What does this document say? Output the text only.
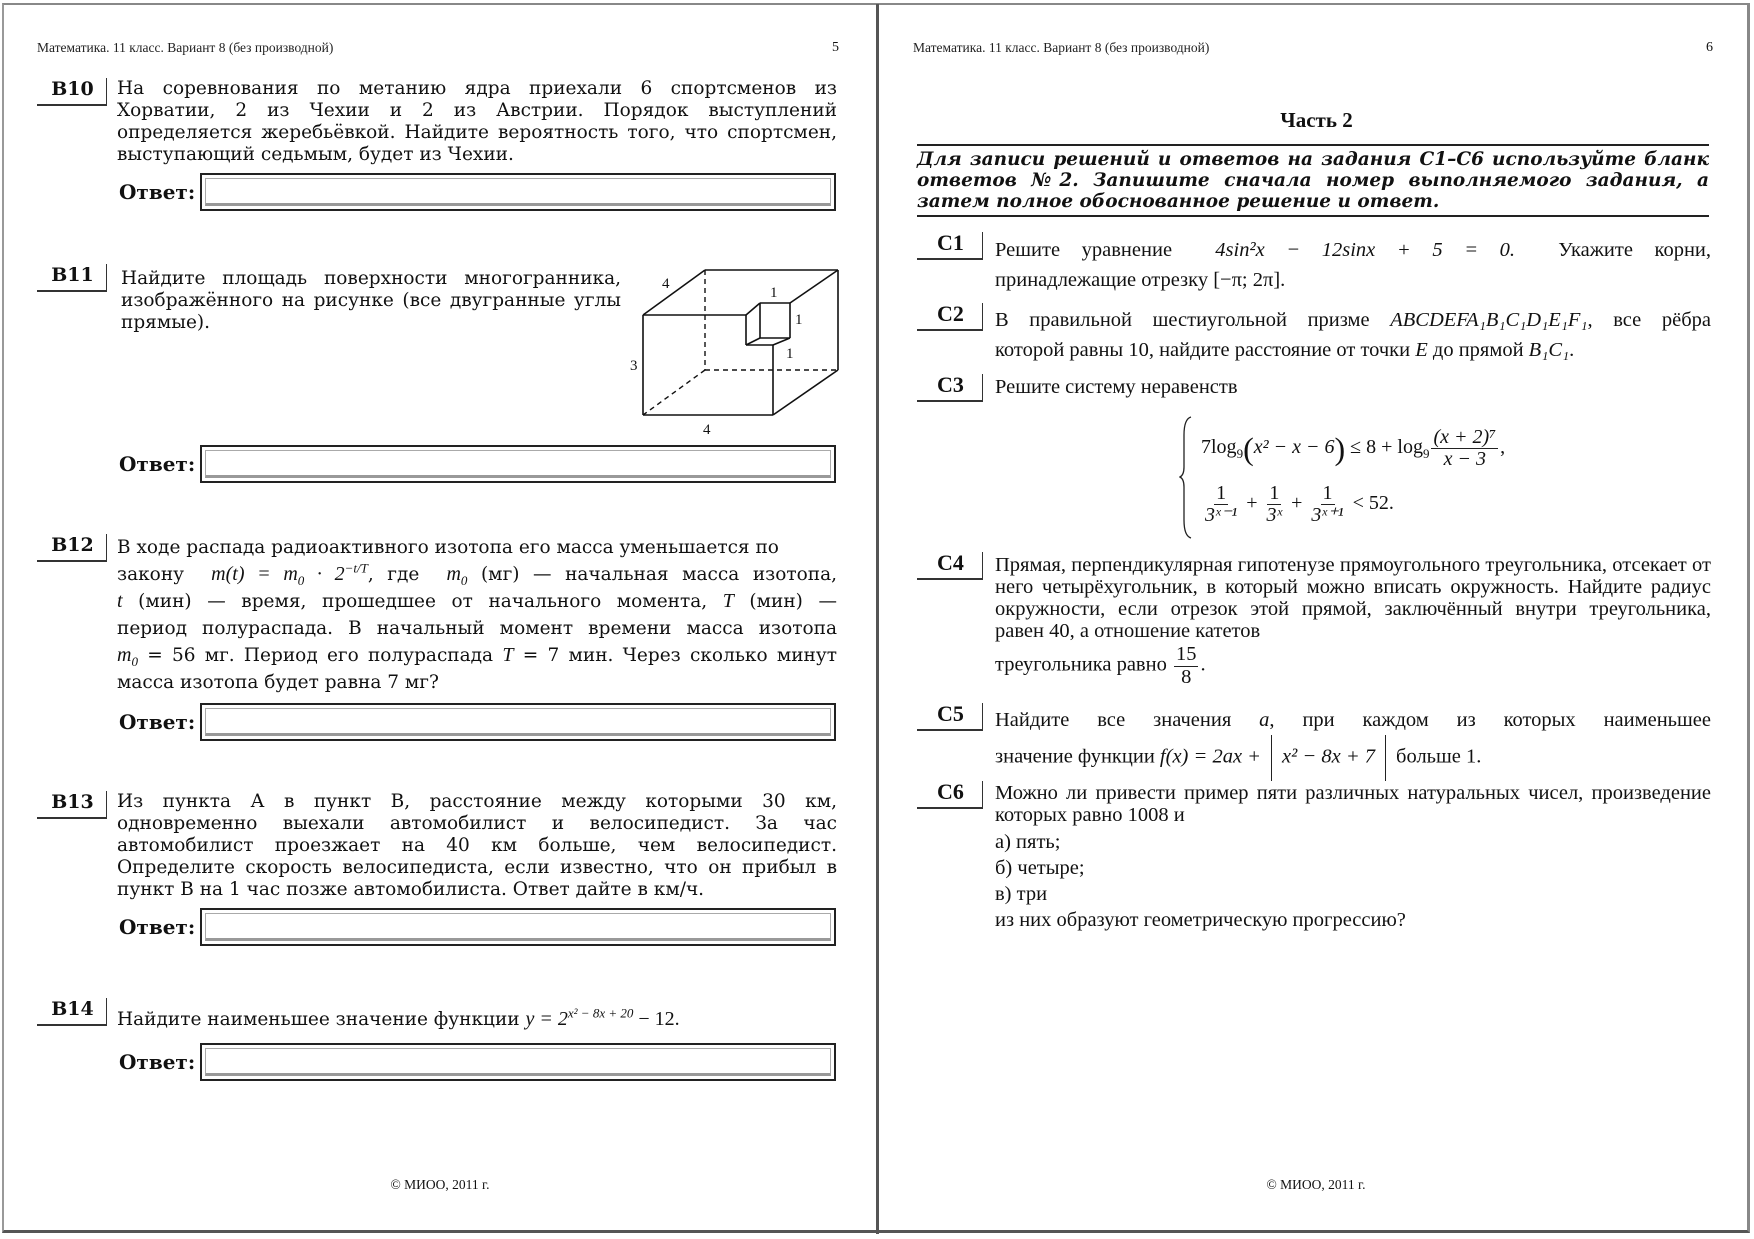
Математика. 11 класс. Вариант 8 (без производной)	5
B10	На соревнования по метанию ядра приехали 6 спортсменов из Хорватии, 2 из Чехии и 2 из Австрии. Порядок выступлений определяется жеребьёвкой. Найдите вероятность того, что спортсмен, выступающий седьмым, будет из Чехии.

Ответ:
B11	Найдите площадь поверхности многогранника, изображённого на рисунке (все двугранные углы прямые).

4
3
4
1
1
1
Ответ:
B12	В ходе распада радиоактивного изотопа его масса уменьшается по

закону $m(t) = m_0 \cdot 2^{-t/T}$, где $m_0$ (мг) — начальная масса изотопа,

t (мин) — время, прошедшее от начального момента, T (мин) —

период полураспада. В начальный момент времени масса изотопа

$m_0 = 56$ мг. Период его полураспада T = 7 мин. Через сколько минут

масса изотопа будет равна 7 мг?

Ответ:
B13	Из пункта А в пункт В, расстояние между которыми 30 км, одновременно выехали автомобилист и велосипедист. За час автомобилист проезжает на 40 км больше, чем велосипедист. Определите скорость велосипедиста, если известно, что он прибыл в пункт В на 1 час позже автомобилиста. Ответ дайте в км/ч.

Ответ:
B14	Найдите наименьшее значение функции $y = 2^{x^2 - 8x + 20} - 12$.
Ответ:
© МИОО, 2011 г.
Математика. 11 класс. Вариант 8 (без производной)	6
Часть 2
Для записи решений и ответов на задания С1–С6 используйте бланк ответов №2. Запишите сначала номер выполняемого задания, а затем полное обоснованное решение и ответ.
C1	Решите уравнение 4sin²x − 12sinx + 5 = 0. Укажите корни,

принадлежащие отрезку [−π; 2π].

C2	В правильной шестиугольной призме ABCDEFA₁B₁C₁D₁E₁F₁, все рёбра

которой равны 10, найдите расстояние от точки E до прямой B₁C₁.

C3	Решите систему неравенств
$7\log_9(x^2 - x - 6) \le 8 + \log_9 \frac{\text{(x + 2)⁷}}{x - 3}$ ,
$\frac{1}{\text{3ˣ⁻¹}} + \frac{1}{\text{3ˣ}} + \frac{1}{\text{3ˣ⁺¹}} < 52$.
C4	Прямая, перпендикулярная гипотенузе прямоугольного треугольника, отсекает от него четырёхугольник, в который можно вписать окружность. Найдите радиус окружности, если отрезок этой прямой, заключённый внутри треугольника, равен 40, а отношение катетов

треугольника равно $\frac{15}{8}$ .

C5	Найдите все значения a, при каждом из которых наименьшее

значение функции f(x) = 2ax + x² − 8x + 7 больше 1.

C6	Можно ли привести пример пяти различных натуральных чисел, произведение которых равно 1008 и

а) пять;

б) четыре;

в) три

из них образуют геометрическую прогрессию?

© МИОО, 2011 г.
